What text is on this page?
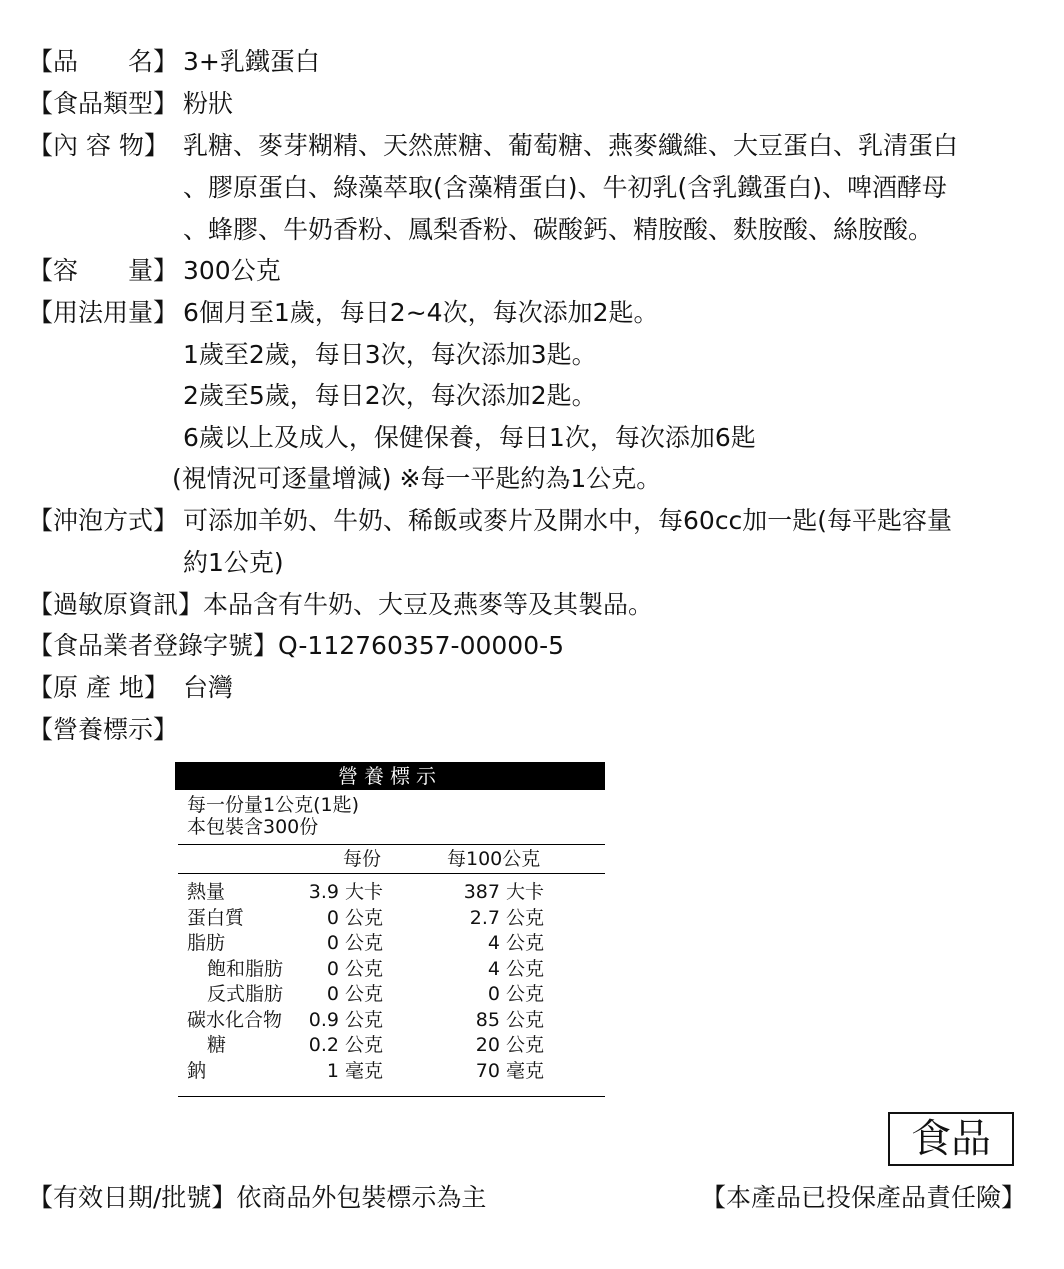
【品　　名】 3+乳鐵蛋白
【食品類型】 粉狀
【內 容 物】 乳糖、麥芽糊精、天然蔗糖、葡萄糖、燕麥纖維、大豆蛋白、乳清蛋白
、膠原蛋白、綠藻萃取(含藻精蛋白)、牛初乳(含乳鐵蛋白)、啤酒酵母
、蜂膠、牛奶香粉、鳳梨香粉、碳酸鈣、精胺酸、麩胺酸、絲胺酸。
【容　　量】 300公克
【用法用量】 6個月至1歲，每日2~4次，每次添加2匙。
1歲至2歲，每日3次，每次添加3匙。
2歲至5歲，每日2次，每次添加2匙。
6歲以上及成人，保健保養，每日1次，每次添加6匙
(視情況可逐量增減) ※每一平匙約為1公克。
【沖泡方式】 可添加羊奶、牛奶、稀飯或麥片及開水中，每60cc加一匙(每平匙容量
約1公克)
【過敏原資訊】本品含有牛奶、大豆及燕麥等及其製品。
【食品業者登錄字號】Q-112760357-00000-5
【原 產 地】 台灣
【營養標示】
營養標示
每一份量1公克(1匙)
本包裝含300份
每份	每100公克
熱量	3.9 大卡	387 大卡
蛋白質	0 公克	2.7 公克
脂肪	0 公克	4 公克
飽和脂肪 0 公克	4 公克
反式脂肪 0 公克	0 公克
碳水化合物 0.9 公克	85 公克
糖	0.2 公克	20 公克
鈉	1 毫克	70 毫克
食品
【有效日期/批號】依商品外包裝標示為主	【本產品已投保產品責任險】
